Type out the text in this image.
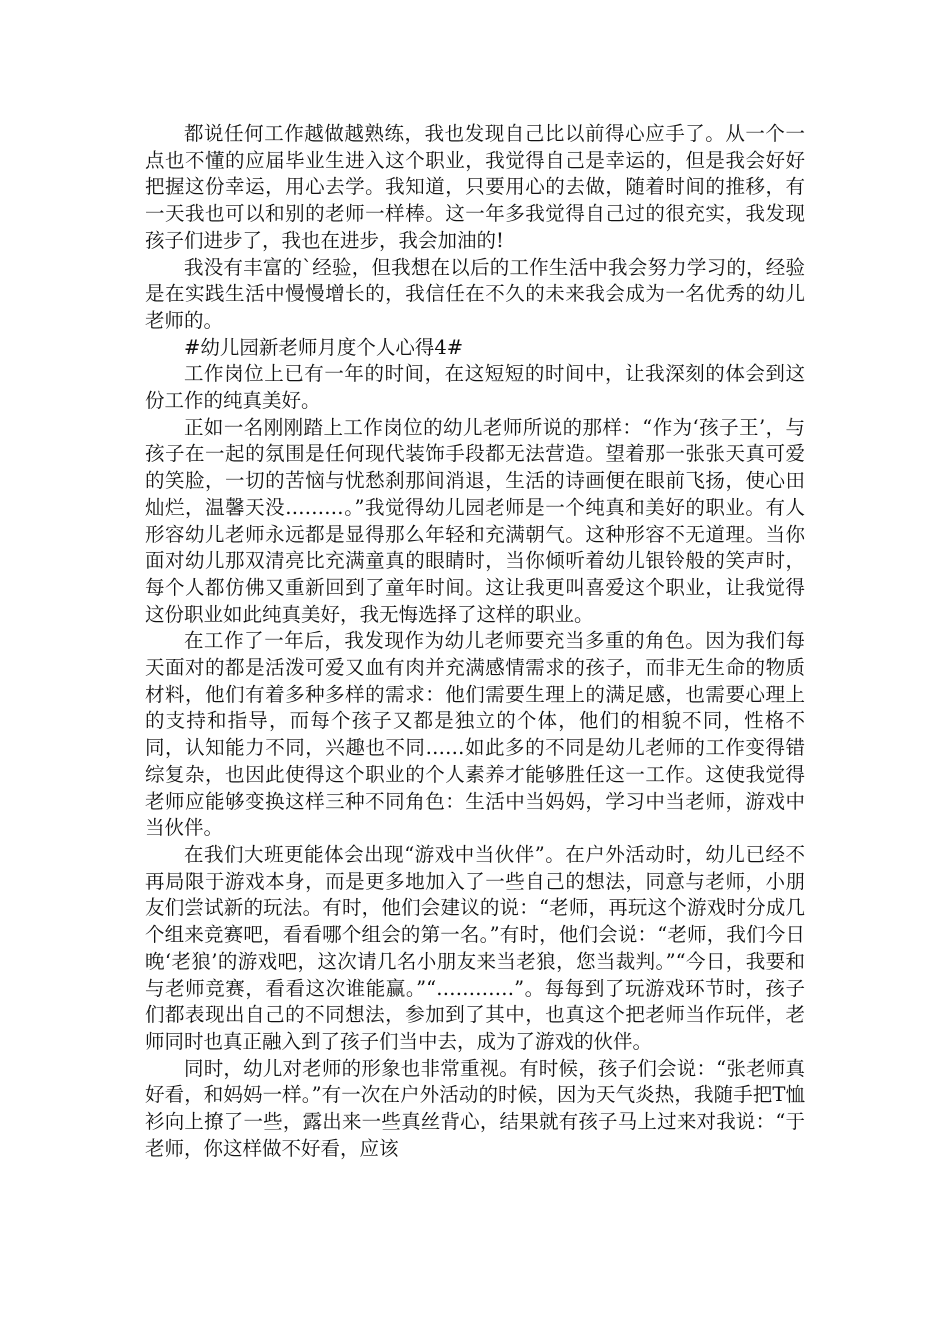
都说任何工作越做越熟练，我也发现自己比以前得心应手了。从一个一点也不懂的应届毕业生进入这个职业，我觉得自己是幸运的，但是我会好好把握这份幸运，用心去学。我知道，只要用心的去做，随着时间的推移，有一天我也可以和别的老师一样棒。这一年多我觉得自己过的很充实，我发现孩子们进步了，我也在进步，我会加油的!

我没有丰富的`经验，但我想在以后的工作生活中我会努力学习的，经验是在实践生活中慢慢增长的，我信任在不久的未来我会成为一名优秀的幼儿老师的。

#幼儿园新老师月度个人心得4#

工作岗位上已有一年的时间，在这短短的时间中，让我深刻的体会到这份工作的纯真美好。

正如一名刚刚踏上工作岗位的幼儿老师所说的那样：“作为‘孩子王’，与孩子在一起的氛围是任何现代装饰手段都无法营造。望着那一张张天真可爱的笑脸，一切的苦恼与忧愁刹那间消退，生活的诗画便在眼前飞扬，使心田灿烂，温馨天没………。”我觉得幼儿园老师是一个纯真和美好的职业。有人形容幼儿老师永远都是显得那么年轻和充满朝气。这种形容不无道理。当你面对幼儿那双清亮比充满童真的眼睛时，当你倾听着幼儿银铃般的笑声时，每个人都仿佛又重新回到了童年时间。这让我更叫喜爱这个职业，让我觉得这份职业如此纯真美好，我无悔选择了这样的职业。

在工作了一年后，我发现作为幼儿老师要充当多重的角色。因为我们每天面对的都是活泼可爱又血有肉并充满感情需求的孩子，而非无生命的物质材料，他们有着多种多样的需求：他们需要生理上的满足感，也需要心理上的支持和指导，而每个孩子又都是独立的个体，他们的相貌不同，性格不同，认知能力不同，兴趣也不同……如此多的不同是幼儿老师的工作变得错综复杂，也因此使得这个职业的个人素养才能够胜任这一工作。这使我觉得老师应能够变换这样三种不同角色：生活中当妈妈，学习中当老师，游戏中当伙伴。

在我们大班更能体会出现“游戏中当伙伴”。在户外活动时，幼儿已经不再局限于游戏本身，而是更多地加入了一些自己的想法，同意与老师，小朋友们尝试新的玩法。有时，他们会建议的说：“老师，再玩这个游戏时分成几个组来竞赛吧，看看哪个组会的第一名。”有时，他们会说：“老师，我们今日晚‘老狼’的游戏吧，这次请几名小朋友来当老狼，您当裁判。”“今日，我要和与老师竞赛，看看这次谁能赢。”“…………”。每每到了玩游戏环节时，孩子们都表现出自己的不同想法，参加到了其中，也真这个把老师当作玩伴，老师同时也真正融入到了孩子们当中去，成为了游戏的伙伴。

同时，幼儿对老师的形象也非常重视。有时候，孩子们会说：“张老师真好看，和妈妈一样。”有一次在户外活动的时候，因为天气炎热，我随手把T恤衫向上撩了一些，露出来一些真丝背心，结果就有孩子马上过来对我说：“于老师，你这样做不好看，应该
